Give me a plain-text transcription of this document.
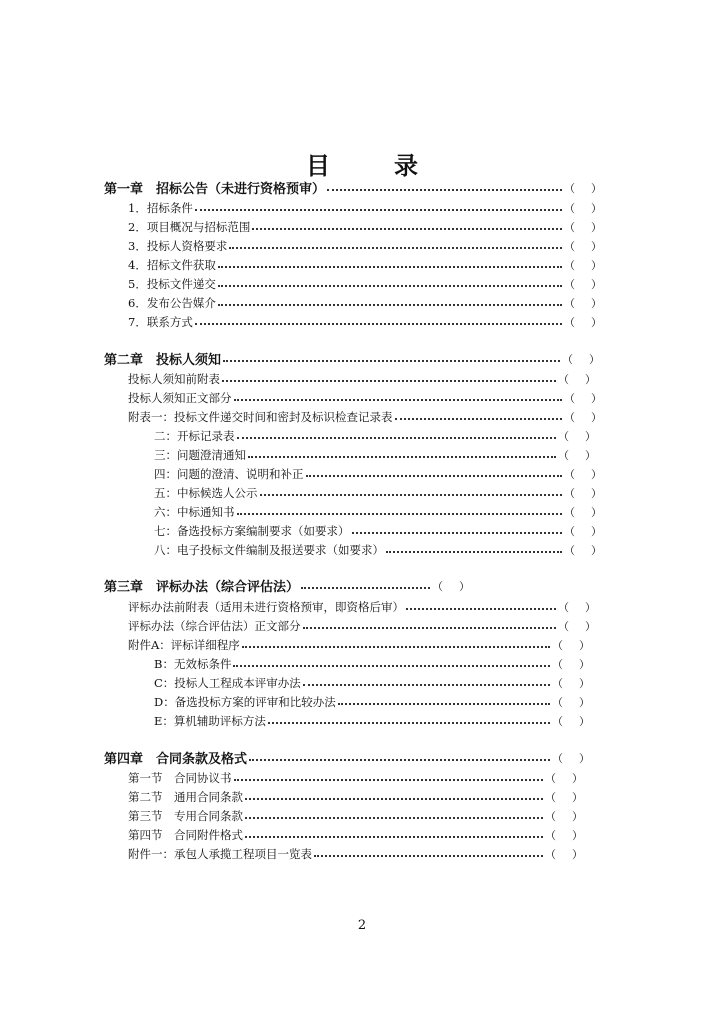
目　录
第一章　招标公告（未进行资格预审）	（ ）
1．招标条件	（ ）
2．项目概况与招标范围	（ ）
3．投标人资格要求	（ ）
4．招标文件获取	（ ）
5．投标文件递交	（ ）
6．发布公告媒介	（ ）
7．联系方式	（ ）
第二章　投标人须知	（ ）
投标人须知前附表	（ ）
投标人须知正文部分	（ ）
附表一：投标文件递交时间和密封及标识检查记录表	（ ）
二：开标记录表	（ ）
三：问题澄清通知	（ ）
四：问题的澄清、说明和补正	（ ）
五：中标候选人公示	（ ）
六：中标通知书	（ ）
七：备选投标方案编制要求（如要求）	（ ）
八：电子投标文件编制及报送要求（如要求）	（ ）
第三章　评标办法（综合评估法）	（ ）
评标办法前附表（适用未进行资格预审，即资格后审）	（ ）
评标办法（综合评估法）正文部分	（ ）
附件A：评标详细程序	（ ）
B：无效标条件	（ ）
C：投标人工程成本评审办法	（ ）
D：备选投标方案的评审和比较办法	（ ）
E：算机辅助评标方法	（ ）
第四章　合同条款及格式	（ ）
第一节　合同协议书	（ ）
第二节　通用合同条款	（ ）
第三节　专用合同条款	（ ）
第四节　合同附件格式	（ ）
附件一：承包人承揽工程项目一览表	（ ）
2
